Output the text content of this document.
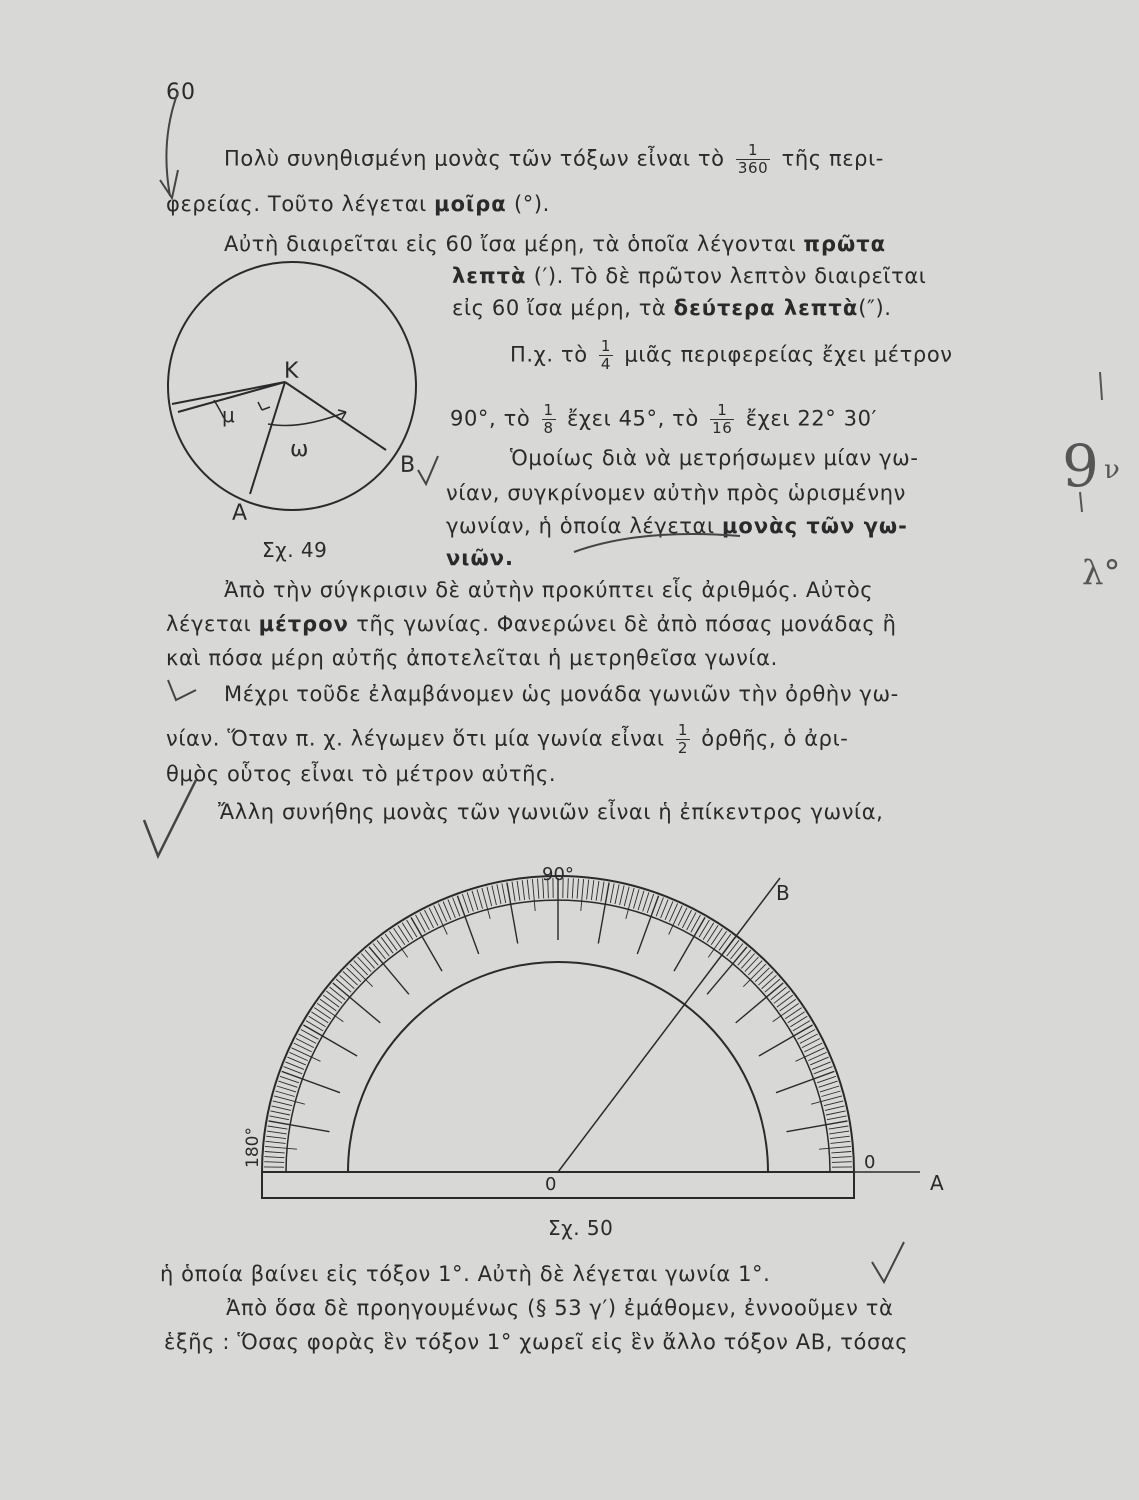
60
Πολὺ συνηθισμένη μονὰς τῶν τόξων εἶναι τὸ $\frac{1}{360}$ τῆς περι-
φερείας. Τοῦτο λέγεται μοῖρα (°).
Αὐτὴ διαιρεῖται εἰς 60 ἴσα μέρη, τὰ ὁποῖα λέγονται πρῶτα
λεπτὰ (′). Τὸ δὲ πρῶτον λεπτὸν διαιρεῖται
εἰς 60 ἴσα μέρη, τὰ δεύτερα λεπτὰ(″).
Π.χ. τὸ $\frac{1}{4}$ μιᾶς περιφερείας ἔχει μέτρον
90°, τὸ $\frac{1}{8}$ ἔχει 45°, τὸ $\frac{1}{16}$ ἔχει 22° 30′
Ὁμοίως διὰ νὰ μετρήσωμεν μίαν γω-
νίαν, συγκρίνομεν αὐτὴν πρὸς ὡρισμένην
γωνίαν, ἡ ὁποία λέγεται μονὰς τῶν γω-
νιῶν.
Ἀπὸ τὴν σύγκρισιν δὲ αὐτὴν προκύπτει εἷς ἀριθμός. Αὐτὸς
λέγεται μέτρον τῆς γωνίας. Φανερώνει δὲ ἀπὸ πόσας μονάδας ἢ
καὶ πόσα μέρη αὐτῆς ἀποτελεῖται ἡ μετρηθεῖσα γωνία.
Μέχρι τοῦδε ἐλαμβάνομεν ὡς μονάδα γωνιῶν τὴν ὀρθὴν γω-
νίαν. Ὅταν π. χ. λέγωμεν ὅτι μία γωνία εἶναι $\frac{1}{2}$ ὀρθῆς, ὁ ἀρι-
θμὸς οὗτος εἶναι τὸ μέτρον αὐτῆς.
Ἄλλη συνήθης μονὰς τῶν γωνιῶν εἶναι ἡ ἐπίκεντρος γωνία,
ἡ ὁποία βαίνει εἰς τόξον 1°. Αὐτὴ δὲ λέγεται γωνία 1°.
Ἀπὸ ὅσα δὲ προηγουμένως (§ 53 γ′) ἐμάθομεν, ἐννοοῦμεν τὰ
ἑξῆς : Ὅσας φορὰς ἓν τόξον 1° χωρεῖ εἰς ἓν ἄλλο τόξον ΑΒ, τόσας
Σχ. 49
Σχ. 50
Κ
μ
ω
Α
Β
90°
180°
0
0
Α
Β
9 ν
λ°
